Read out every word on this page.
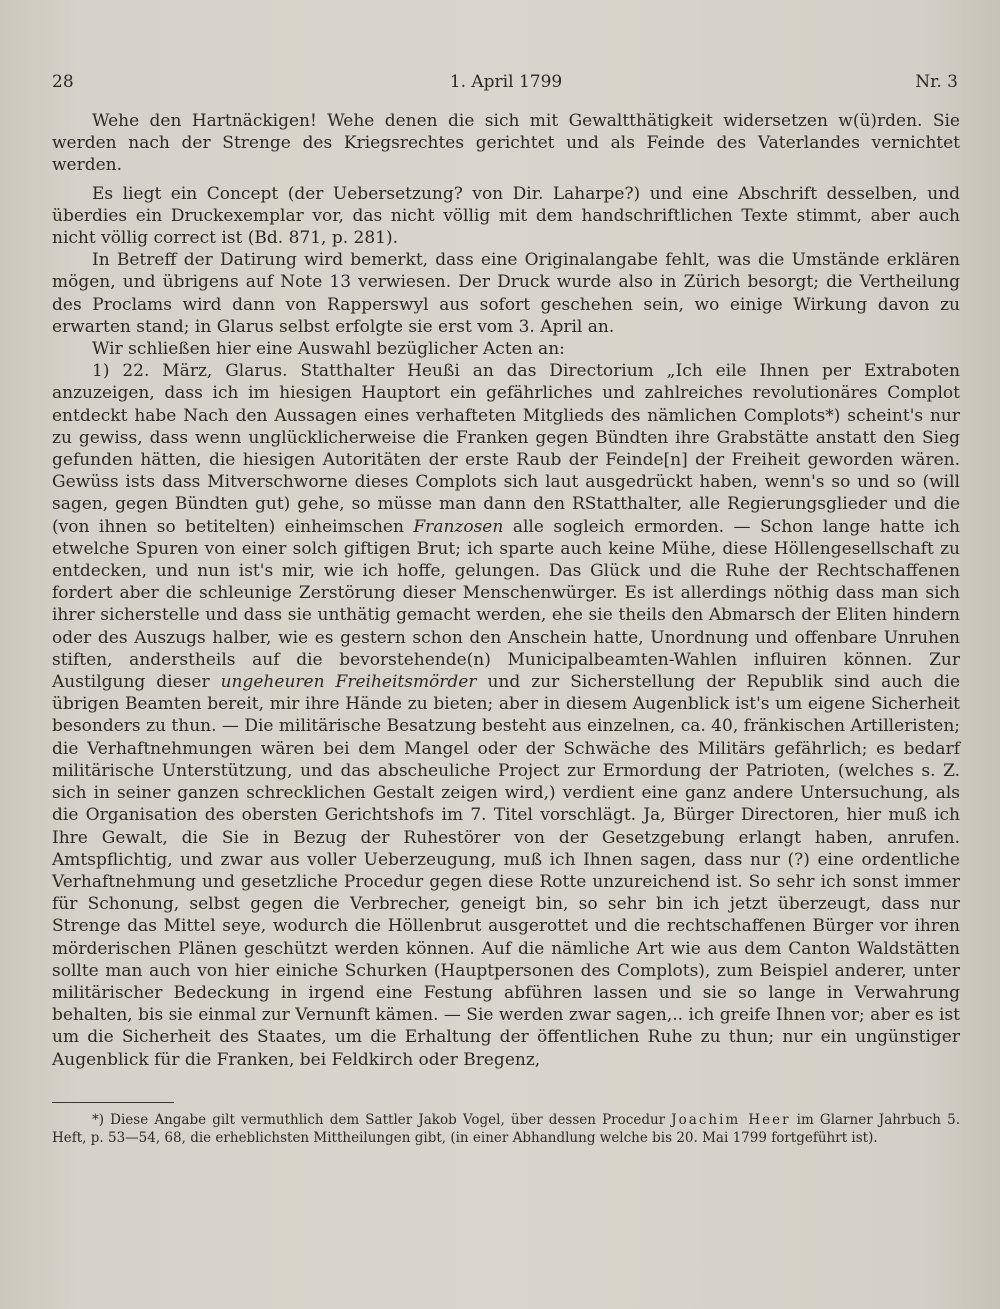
1. April 1799
28	Nr. 3

Wehe den Hartnäckigen! Wehe denen die sich mit Gewaltthätigkeit widersetzen w(ü)rden. Sie werden nach der Strenge des Kriegsrechtes gerichtet und als Feinde des Vaterlandes vernichtet werden.

Es liegt ein Concept (der Uebersetzung? von Dir. Laharpe?) und eine Abschrift desselben, und überdies ein Druckexemplar vor, das nicht völlig mit dem handschriftlichen Texte stimmt, aber auch nicht völlig correct ist (Bd. 871, p. 281).

In Betreff der Datirung wird bemerkt, dass eine Originalangabe fehlt, was die Umstände erklären mögen, und übrigens auf Note 13 verwiesen. Der Druck wurde also in Zürich besorgt; die Vertheilung des Proclams wird dann von Rapperswyl aus sofort geschehen sein, wo einige Wirkung davon zu erwarten stand; in Glarus selbst erfolgte sie erst vom 3. April an.

Wir schließen hier eine Auswahl bezüglicher Acten an:

1) 22. März, Glarus. Statthalter Heußi an das Directorium „Ich eile Ihnen per Extraboten anzuzeigen, dass ich im hiesigen Hauptort ein gefährliches und zahlreiches revolutionäres Complot entdeckt habe Nach den Aussagen eines verhafteten Mitglieds des nämlichen Complots*) scheint's nur zu gewiss, dass wenn unglücklicherweise die Franken gegen Bündten ihre Grabstätte anstatt den Sieg gefunden hätten, die hiesigen Autoritäten der erste Raub der Feinde[n] der Freiheit geworden wären. Gewüss ists dass Mitverschworne dieses Complots sich laut ausgedrückt haben, wenn's so und so (will sagen, gegen Bündten gut) gehe, so müsse man dann den RStatthalter, alle Regierungsglieder und die (von ihnen so betitelten) einheimschen Franzosen alle sogleich ermorden. — Schon lange hatte ich etwelche Spuren von einer solch giftigen Brut; ich sparte auch keine Mühe, diese Höllengesellschaft zu entdecken, und nun ist's mir, wie ich hoffe, gelungen. Das Glück und die Ruhe der Rechtschaffenen fordert aber die schleunige Zerstörung dieser Menschenwürger. Es ist allerdings nöthig dass man sich ihrer sicherstelle und dass sie unthätig gemacht werden, ehe sie theils den Abmarsch der Eliten hindern oder des Auszugs halber, wie es gestern schon den Anschein hatte, Unordnung und offenbare Unruhen stiften, anderstheils auf die bevorstehende(n) Municipalbeamten-Wahlen influiren können. Zur Austilgung dieser ungeheuren Freiheitsmörder und zur Sicherstellung der Republik sind auch die übrigen Beamten bereit, mir ihre Hände zu bieten; aber in diesem Augenblick ist's um eigene Sicherheit besonders zu thun. — Die militärische Besatzung besteht aus einzelnen, ca. 40, fränkischen Artilleristen; die Verhaftnehmungen wären bei dem Mangel oder der Schwäche des Militärs gefährlich; es bedarf militärische Unterstützung, und das abscheuliche Project zur Ermordung der Patrioten, (welches s. Z. sich in seiner ganzen schrecklichen Gestalt zeigen wird,) verdient eine ganz andere Untersuchung, als die Organisation des obersten Gerichtshofs im 7. Titel vorschlägt. Ja, Bürger Directoren, hier muß ich Ihre Gewalt, die Sie in Bezug der Ruhestörer von der Gesetzgebung erlangt haben, anrufen. Amtspflichtig, und zwar aus voller Ueberzeugung, muß ich Ihnen sagen, dass nur (?) eine ordentliche Verhaftnehmung und gesetzliche Procedur gegen diese Rotte unzureichend ist. So sehr ich sonst immer für Schonung, selbst gegen die Verbrecher, geneigt bin, so sehr bin ich jetzt überzeugt, dass nur Strenge das Mittel seye, wodurch die Höllenbrut ausgerottet und die rechtschaffenen Bürger vor ihren mörderischen Plänen geschützt werden können. Auf die nämliche Art wie aus dem Canton Waldstätten sollte man auch von hier einiche Schurken (Hauptpersonen des Complots), zum Beispiel anderer, unter militärischer Bedeckung in irgend eine Festung abführen lassen und sie so lange in Verwahrung behalten, bis sie einmal zur Vernunft kämen. — Sie werden zwar sagen,.. ich greife Ihnen vor; aber es ist um die Sicherheit des Staates, um die Erhaltung der öffentlichen Ruhe zu thun; nur ein ungünstiger Augenblick für die Franken, bei Feldkirch oder Bregenz,

*) Diese Angabe gilt vermuthlich dem Sattler Jakob Vogel, über dessen Procedur Joachim Heer im Glarner Jahrbuch 5. Heft, p. 53—54, 68, die erheblichsten Mittheilungen gibt, (in einer Abhandlung welche bis 20. Mai 1799 fortgeführt ist).
